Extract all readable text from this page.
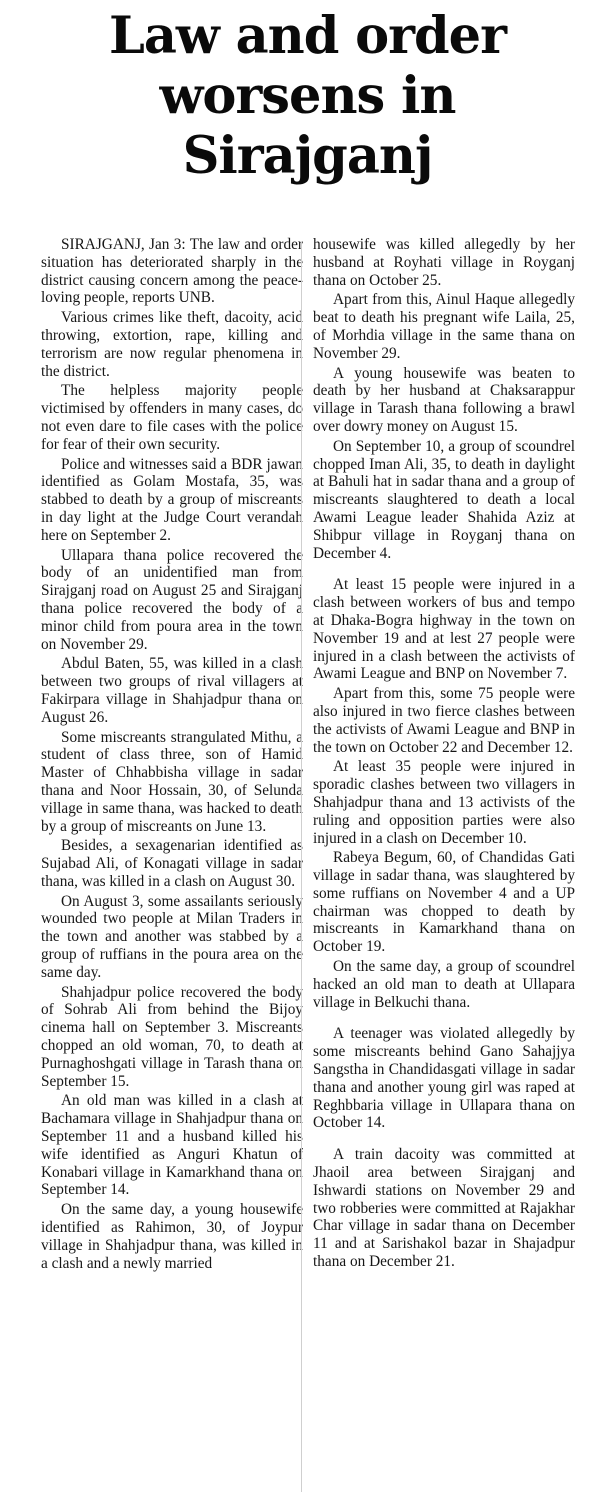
Law and order
worsens in
Sirajganj

SIRAJGANJ, Jan 3: The law and order situation has deteriorated sharply in the district causing concern among the peace-loving people, reports UNB.

Various crimes like theft, dacoity, acid throwing, extortion, rape, killing and terrorism are now regular phenomena in the district.

The helpless majority people victimised by offenders in many cases, do not even dare to file cases with the police for fear of their own security.

Police and witnesses said a BDR jawan identified as Golam Mostafa, 35, was stabbed to death by a group of miscreants in day light at the Judge Court verandah here on September 2.

Ullapara thana police recovered the body of an unidentified man from Sirajganj road on August 25 and Sirajganj thana police recovered the body of a minor child from poura area in the town on November 29.

Abdul Baten, 55, was killed in a clash between two groups of rival villagers at Fakirpara village in Shahjadpur thana on August 26.

Some miscreants strangulated Mithu, a student of class three, son of Hamid Master of Chhabbisha village in sadar thana and Noor Hossain, 30, of Selunda village in same thana, was hacked to death by a group of miscreants on June 13.

Besides, a sexagenarian identified as Sujabad Ali, of Konagati village in sadar thana, was killed in a clash on August 30.

On August 3, some assailants seriously wounded two people at Milan Traders in the town and another was stabbed by a group of ruffians in the poura area on the same day.

Shahjadpur police recovered the body of Sohrab Ali from behind the Bijoy cinema hall on September 3. Miscreants chopped an old woman, 70, to death at Purnaghoshgati village in Tarash thana on September 15.

An old man was killed in a clash at Bachamara village in Shahjadpur thana on September 11 and a husband killed his wife identified as Anguri Khatun of Konabari village in Kamarkhand thana on September 14.

On the same day, a young housewife identified as Rahimon, 30, of Joypur village in Shahjadpur thana, was killed in a clash and a newly married

housewife was killed allegedly by her husband at Royhati village in Royganj thana on October 25.

Apart from this, Ainul Haque allegedly beat to death his pregnant wife Laila, 25, of Morhdia village in the same thana on November 29.

A young housewife was beaten to death by her husband at Chaksarappur village in Tarash thana following a brawl over dowry money on August 15.

On September 10, a group of scoundrel chopped Iman Ali, 35, to death in daylight at Bahuli hat in sadar thana and a group of miscreants slaughtered to death a local Awami League leader Shahida Aziz at Shibpur village in Royganj thana on December 4.

At least 15 people were injured in a clash between workers of bus and tempo at Dhaka-Bogra highway in the town on November 19 and at lest 27 people were injured in a clash between the activists of Awami League and BNP on November 7.

Apart from this, some 75 people were also injured in two fierce clashes between the activists of Awami League and BNP in the town on October 22 and December 12.

At least 35 people were injured in sporadic clashes between two villagers in Shahjadpur thana and 13 activists of the ruling and opposition parties were also injured in a clash on December 10.

Rabeya Begum, 60, of Chandidas Gati village in sadar thana, was slaughtered by some ruffians on November 4 and a UP chairman was chopped to death by miscreants in Kamarkhand thana on October 19.

On the same day, a group of scoundrel hacked an old man to death at Ullapara village in Belkuchi thana.

A teenager was violated allegedly by some miscreants behind Gano Sahajjya Sangstha in Chandidasgati village in sadar thana and another young girl was raped at Reghbbaria village in Ullapara thana on October 14.

A train dacoity was committed at Jhaoil area between Sirajganj and Ishwardi stations on November 29 and two robberies were committed at Rajakhar Char village in sadar thana on December 11 and at Sarishakol bazar in Shajadpur thana on December 21.
